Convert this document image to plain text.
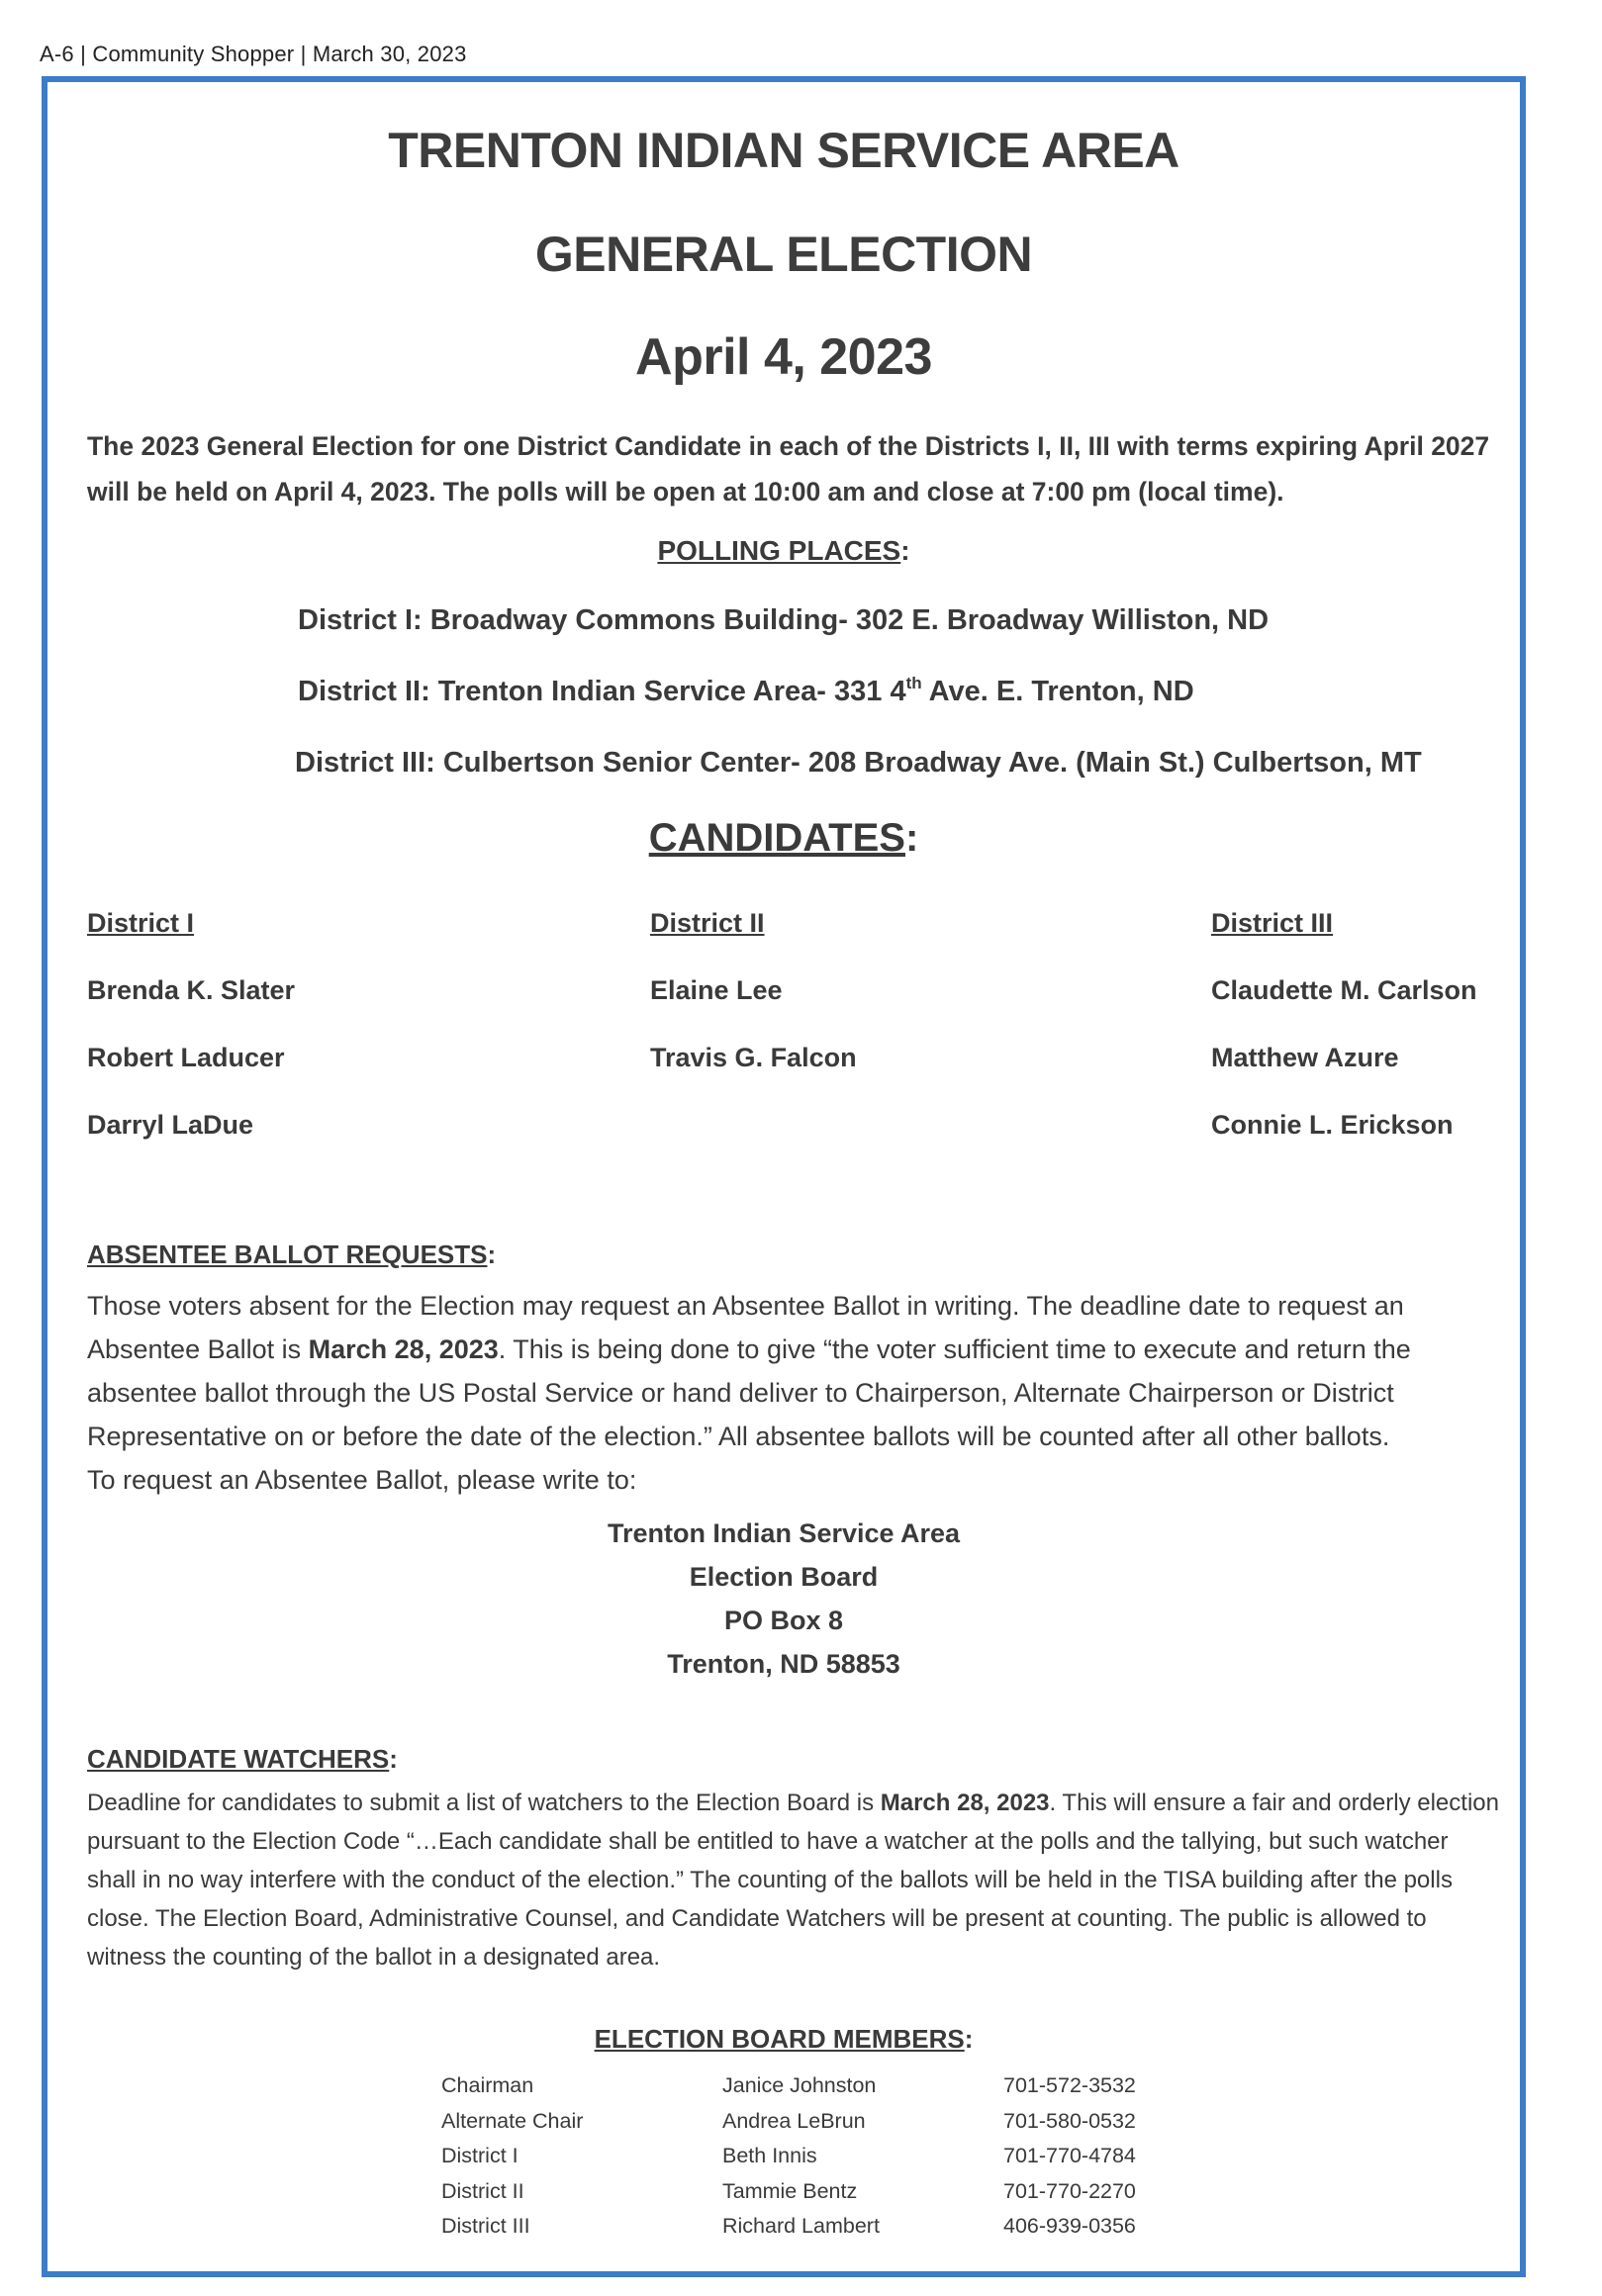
A-6 | Community Shopper | March 30, 2023
TRENTON INDIAN SERVICE AREA
GENERAL ELECTION
April 4, 2023
The 2023 General Election for one District Candidate in each of the Districts I, II, III with terms expiring April 2027 will be held on April 4, 2023. The polls will be open at 10:00 am and close at 7:00 pm (local time).
POLLING PLACES:
District I: Broadway Commons Building- 302 E. Broadway Williston, ND
District II: Trenton Indian Service Area- 331 4th Ave. E. Trenton, ND
District III: Culbertson Senior Center- 208 Broadway Ave. (Main St.) Culbertson, MT
CANDIDATES:
District I
Brenda K. Slater
Robert Laducer
Darryl LaDue
District II
Elaine Lee
Travis G. Falcon
District III
Claudette M. Carlson
Matthew Azure
Connie L. Erickson
ABSENTEE BALLOT REQUESTS:
Those voters absent for the Election may request an Absentee Ballot in writing. The deadline date to request an Absentee Ballot is March 28, 2023. This is being done to give “the voter sufficient time to execute and return the absentee ballot through the US Postal Service or hand deliver to Chairperson, Alternate Chairperson or District Representative on or before the date of the election.” All absentee ballots will be counted after all other ballots.
To request an Absentee Ballot, please write to:
Trenton Indian Service Area
Election Board
PO Box 8
Trenton, ND 58853
CANDIDATE WATCHERS:
Deadline for candidates to submit a list of watchers to the Election Board is March 28, 2023. This will ensure a fair and orderly election pursuant to the Election Code “…Each candidate shall be entitled to have a watcher at the polls and the tallying, but such watcher shall in no way interfere with the conduct of the election.” The counting of the ballots will be held in the TISA building after the polls close. The Election Board, Administrative Counsel, and Candidate Watchers will be present at counting. The public is allowed to witness the counting of the ballot in a designated area.
ELECTION BOARD MEMBERS:
Chairman	Janice Johnston	701-572-3532
Alternate Chair	Andrea LeBrun	701-580-0532
District I	Beth Innis	701-770-4784
District II	Tammie Bentz	701-770-2270
District III	Richard Lambert	406-939-0356
